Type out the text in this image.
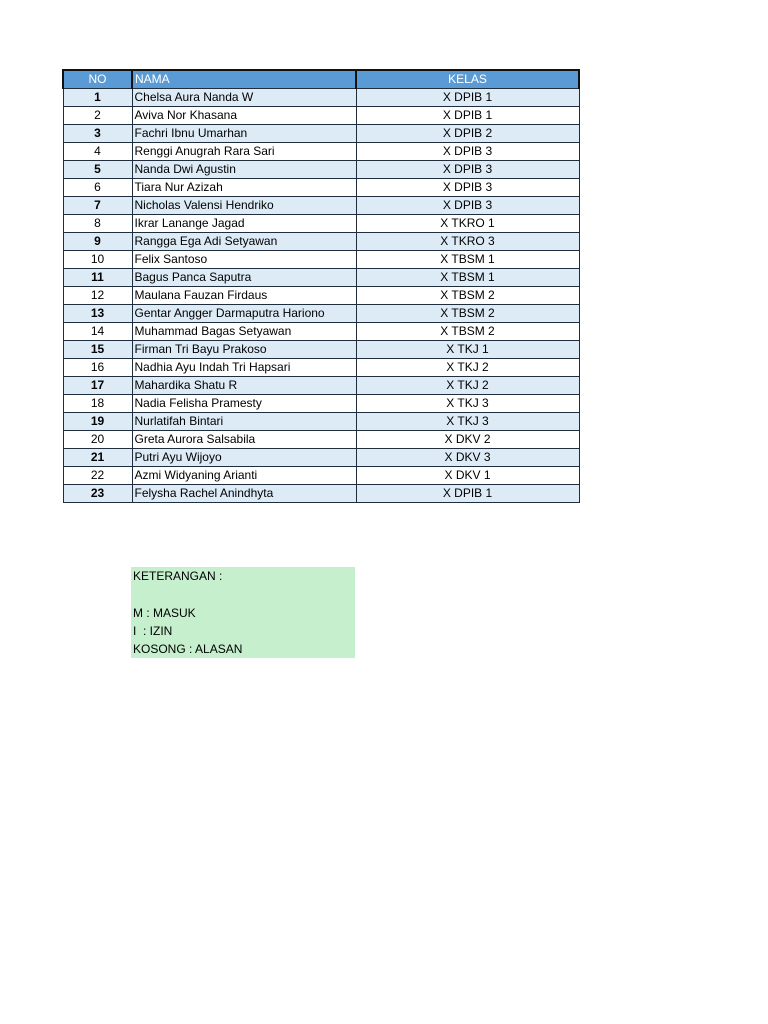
NO	NAMA	KELAS
1	Chelsa Aura Nanda W	X DPIB 1
2	Aviva Nor Khasana	X DPIB 1
3	Fachri Ibnu Umarhan	X DPIB 2
4	Renggi Anugrah Rara Sari	X DPIB 3
5	Nanda Dwi Agustin	X DPIB 3
6	Tiara Nur Azizah	X DPIB 3
7	Nicholas Valensi Hendriko	X DPIB 3
8	Ikrar Lanange Jagad	X TKRO 1
9	Rangga Ega Adi Setyawan	X TKRO 3
10	Felix Santoso	X TBSM 1
11	Bagus Panca Saputra	X TBSM 1
12	Maulana Fauzan Firdaus	X TBSM 2
13	Gentar Angger Darmaputra Hariono	X TBSM 2
14	Muhammad Bagas Setyawan	X TBSM 2
15	Firman Tri Bayu Prakoso	X TKJ 1
16	Nadhia Ayu Indah Tri Hapsari	X TKJ 2
17	Mahardika Shatu R	X TKJ 2
18	Nadia Felisha Pramesty	X TKJ 3
19	Nurlatifah Bintari	X TKJ 3
20	Greta Aurora Salsabila	X DKV 2
21	Putri Ayu Wijoyo	X DKV 3
22	Azmi Widyaning Arianti	X DKV 1
23	Felysha Rachel Anindhyta	X DPIB 1
KETERANGAN :
M : MASUK
I  : IZIN
KOSONG : ALASAN
